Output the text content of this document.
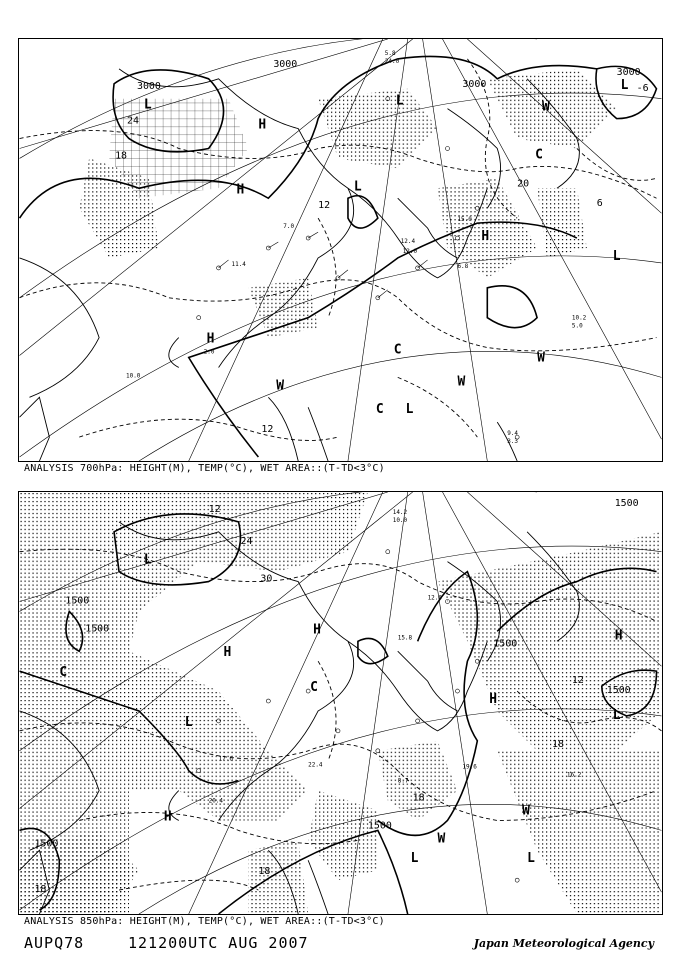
3000
3000
3000
3000
24
18
12
6
-6
20
12
H
H
H
H
L	L
L
L
L
L
C
C
C
W
W
W	W
10.2
5.0
11.4
7.0
15.0
12.0
9.4
3.3
12.4
10.0
6.8
2.0
5.8
24.0
ANALYSIS 700hPa: HEIGHT(M), TEMP(°C), WET AREA::(T-TD<3°C)
1500
1500
1500
1500
1500
1500
1500
30
24
18
18
18
12
18
12
H
H
H
H
H
L
L
L	L
L
C
C
W
W
14.2
10.0
12.6
20.4
19.6
15.8
16.2
22.4
17.6
8.7
ANALYSIS 850hPa: HEIGHT(M), TEMP(°C), WET AREA::(T-TD<3°C)
AUPQ78	121200UTC AUG 2007	Japan Meteorological Agency
